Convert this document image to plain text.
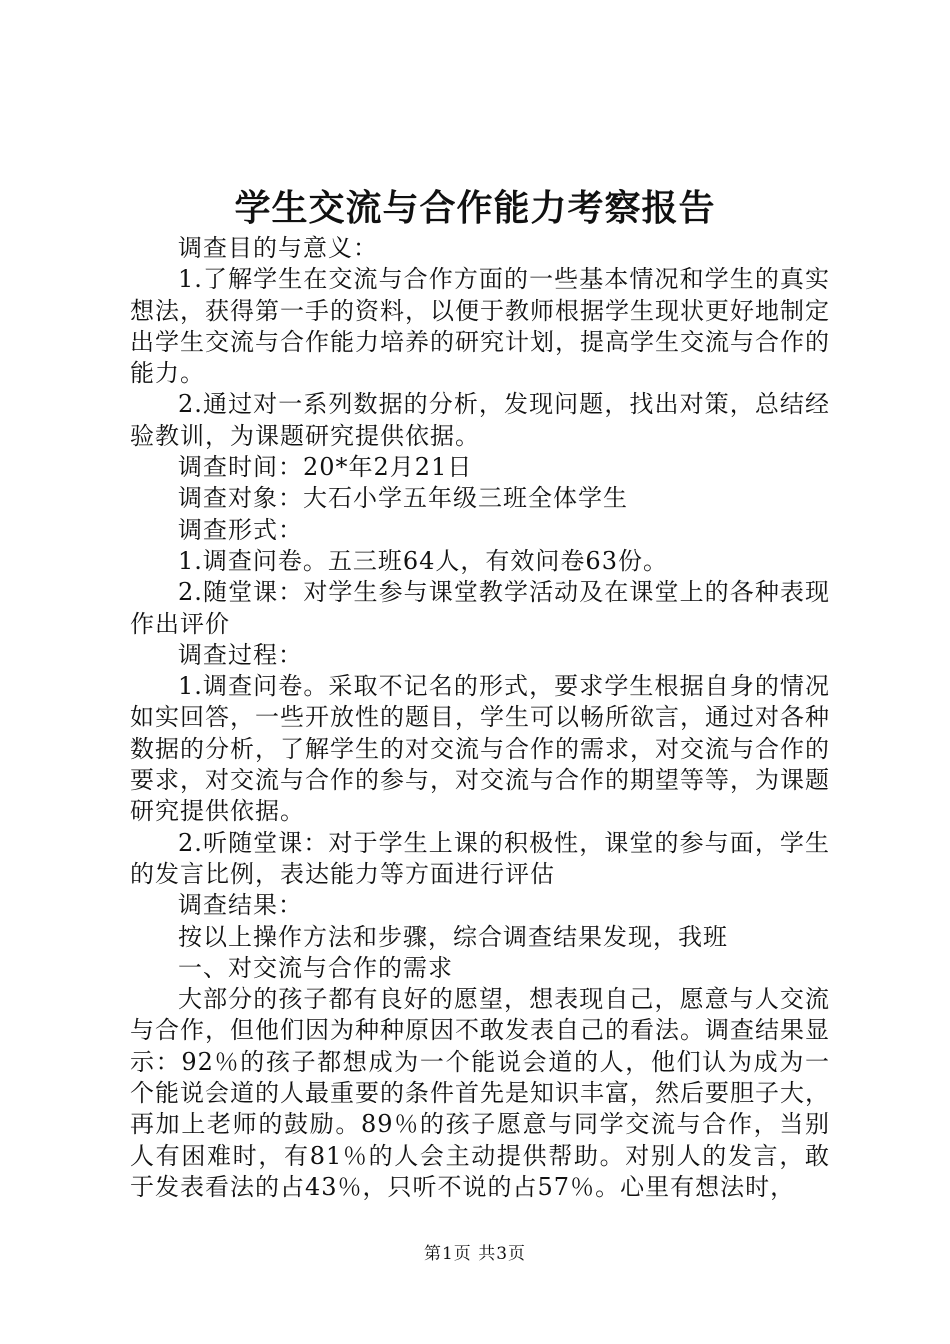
学生交流与合作能力考察报告

调查目的与意义：

1.了解学生在交流与合作方面的一些基本情况和学生的真实想法，获得第一手的资料，以便于教师根据学生现状更好地制定出学生交流与合作能力培养的研究计划，提高学生交流与合作的能力。

2.通过对一系列数据的分析，发现问题，找出对策，总结经验教训，为课题研究提供依据。

调查时间：20*年2月21日

调查对象：大石小学五年级三班全体学生

调查形式：

1.调查问卷。五三班64人，有效问卷63份。

2.随堂课：对学生参与课堂教学活动及在课堂上的各种表现作出评价

调查过程：

1.调查问卷。采取不记名的形式，要求学生根据自身的情况如实回答，一些开放性的题目，学生可以畅所欲言，通过对各种数据的分析，了解学生的对交流与合作的需求，对交流与合作的要求，对交流与合作的参与，对交流与合作的期望等等，为课题研究提供依据。

2.听随堂课：对于学生上课的积极性，课堂的参与面，学生的发言比例，表达能力等方面进行评估

调查结果：

按以上操作方法和步骤，综合调查结果发现，我班

一、对交流与合作的需求

大部分的孩子都有良好的愿望，想表现自己，愿意与人交流与合作，但他们因为种种原因不敢发表自己的看法。调查结果显示：92％的孩子都想成为一个能说会道的人，他们认为成为一个能说会道的人最重要的条件首先是知识丰富，然后要胆子大，再加上老师的鼓励。89％的孩子愿意与同学交流与合作，当别人有困难时，有81％的人会主动提供帮助。对别人的发言，敢于发表看法的占43％，只听不说的占57％。心里有想法时，

第1页 共3页
